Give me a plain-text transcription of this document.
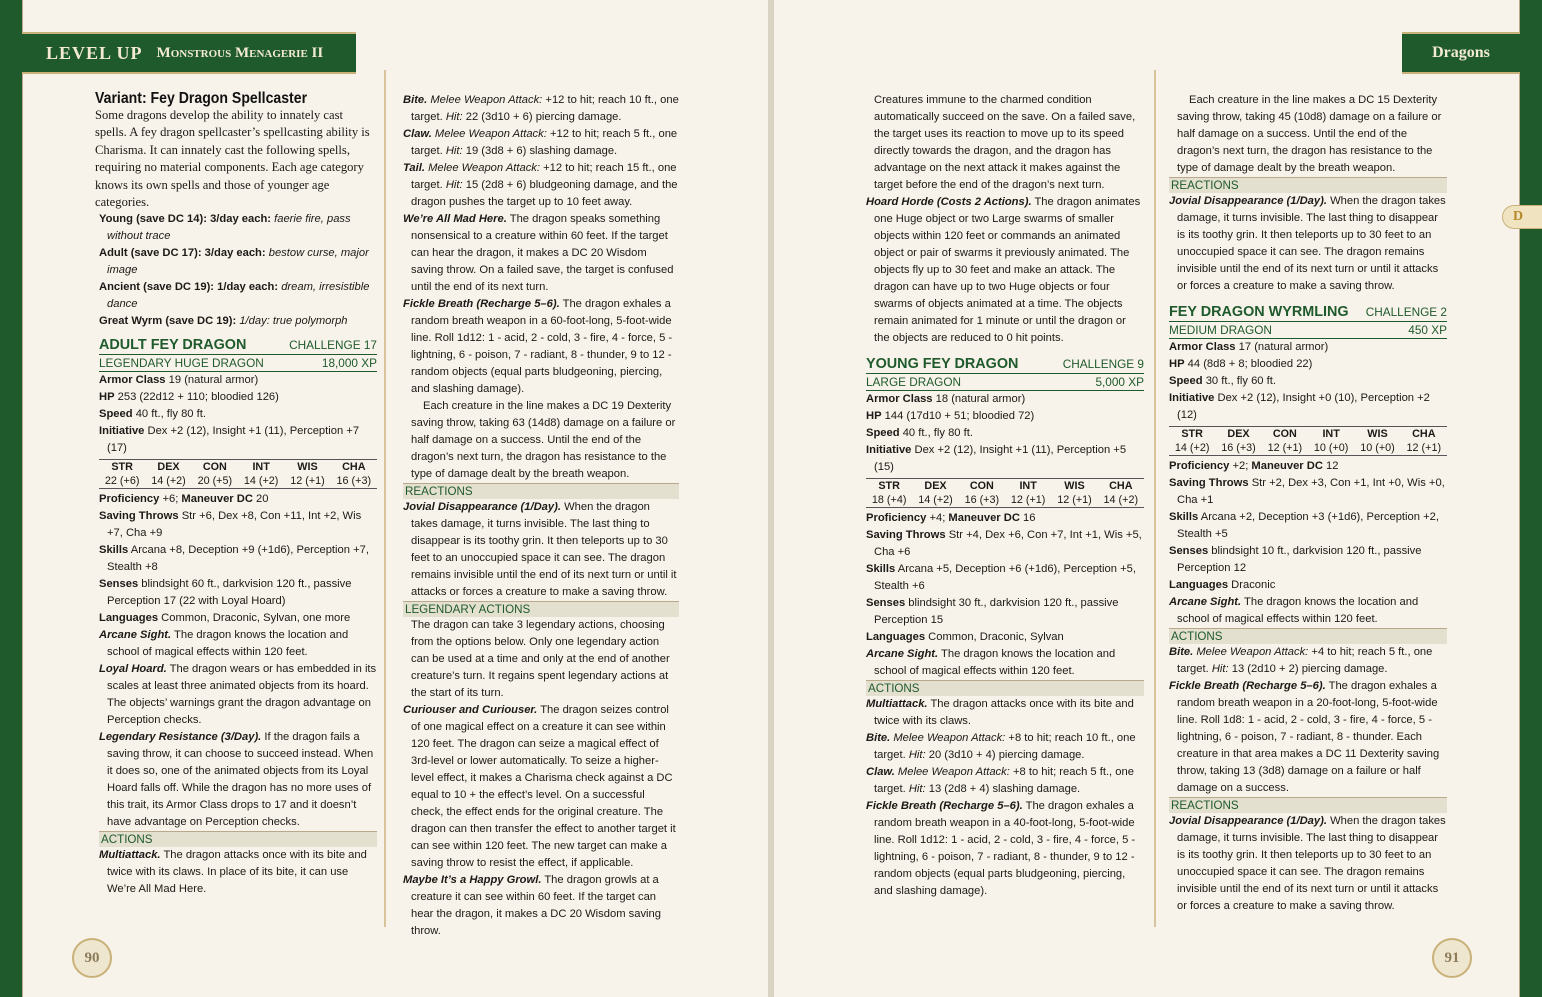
LEVEL UP Monstrous Menagerie II
90

Variant: Fey Dragon Spellcaster

Some dragons develop the ability to innately cast spells. A fey dragon spellcaster’s spellcasting ability is Charisma. It can innately cast the following spells, requiring no material components. Each age category knows its own spells and those of younger age categories.

Young (save DC 14): 3/day each: faerie fire, pass without trace

Adult (save DC 17): 3/day each: bestow curse, major image

Ancient (save DC 19): 1/day each: dream, irresistible dance

Great Wyrm (save DC 19): 1/day: true polymorph

ADULT FEY DRAGON	CHALLENGE 17
LEGENDARY HUGE DRAGON	18,000 XP

Armor Class 19 (natural armor)

HP 253 (22d12 + 110; bloodied 126)

Speed 40 ft., fly 80 ft.

Initiative Dex +2 (12), Insight +1 (11), Perception +7 (17)

STR	DEX	CON	INT	WIS	CHA
22 (+6)	14 (+2)	20 (+5)	14 (+2)	12 (+1)	16 (+3)

Proficiency +6; Maneuver DC 20

Saving Throws Str +6, Dex +8, Con +11, Int +2, Wis +7, Cha +9

Skills Arcana +8, Deception +9 (+1d6), Perception +7, Stealth +8

Senses blindsight 60 ft., darkvision 120 ft., passive Perception 17 (22 with Loyal Hoard)

Languages Common, Draconic, Sylvan, one more

Arcane Sight. The dragon knows the location and school of magical effects within 120 feet.

Loyal Hoard. The dragon wears or has embedded in its scales at least three animated objects from its hoard. The objects’ warnings grant the dragon advantage on Perception checks.

Legendary Resistance (3/Day). If the dragon fails a saving throw, it can choose to succeed instead. When it does so, one of the animated objects from its Loyal Hoard falls off. While the dragon has no more uses of this trait, its Armor Class drops to 17 and it doesn’t have advantage on Perception checks.

ACTIONS

Multiattack. The dragon attacks once with its bite and twice with its claws. In place of its bite, it can use We’re All Mad Here.

Bite. Melee Weapon Attack: +12 to hit; reach 10 ft., one target. Hit: 22 (3d10 + 6) piercing damage.

Claw. Melee Weapon Attack: +12 to hit; reach 5 ft., one target. Hit: 19 (3d8 + 6) slashing damage.

Tail. Melee Weapon Attack: +12 to hit; reach 15 ft., one target. Hit: 15 (2d8 + 6) bludgeoning damage, and the dragon pushes the target up to 10 feet away.

We’re All Mad Here. The dragon speaks something nonsensical to a creature within 60 feet. If the target can hear the dragon, it makes a DC 20 Wisdom saving throw. On a failed save, the target is confused until the end of its next turn.

Fickle Breath (Recharge 5–6). The dragon exhales a random breath weapon in a 60-foot-long, 5-foot-wide line. Roll 1d12: 1 - acid, 2 - cold, 3 - fire, 4 - force, 5 - lightning, 6 - poison, 7 - radiant, 8 - thunder, 9 to 12 - random objects (equal parts bludgeoning, piercing, and slashing damage).

Each creature in the line makes a DC 19 Dexterity saving throw, taking 63 (14d8) damage on a failure or half damage on a success. Until the end of the dragon’s next turn, the dragon has resistance to the type of damage dealt by the breath weapon.

REACTIONS

Jovial Disappearance (1/Day). When the dragon takes damage, it turns invisible. The last thing to disappear is its toothy grin. It then teleports up to 30 feet to an unoccupied space it can see. The dragon remains invisible until the end of its next turn or until it attacks or forces a creature to make a saving throw.

LEGENDARY ACTIONS

The dragon can take 3 legendary actions, choosing from the options below. Only one legendary action can be used at a time and only at the end of another creature’s turn. It regains spent legendary actions at the start of its turn.

Curiouser and Curiouser. The dragon seizes control of one magical effect on a creature it can see within 120 feet. The dragon can seize a magical effect of 3rd-level or lower automatically. To seize a higher-level effect, it makes a Charisma check against a DC equal to 10 + the effect’s level. On a successful check, the effect ends for the original creature. The dragon can then transfer the effect to another target it can see within 120 feet. The new target can make a saving throw to resist the effect, if applicable.

Maybe It’s a Happy Growl. The dragon growls at a creature it can see within 60 feet. If the target can hear the dragon, it makes a DC 20 Wisdom saving throw.

Dragons
D
91

Creatures immune to the charmed condition automatically succeed on the save. On a failed save, the target uses its reaction to move up to its speed directly towards the dragon, and the dragon has advantage on the next attack it makes against the target before the end of the dragon’s next turn.

Hoard Horde (Costs 2 Actions). The dragon animates one Huge object or two Large swarms of smaller objects within 120 feet or commands an animated object or pair of swarms it previously animated. The objects fly up to 30 feet and make an attack. The dragon can have up to two Huge objects or four swarms of objects animated at a time. The objects remain animated for 1 minute or until the dragon or the objects are reduced to 0 hit points.

YOUNG FEY DRAGON	CHALLENGE 9
LARGE DRAGON	5,000 XP

Armor Class 18 (natural armor)

HP 144 (17d10 + 51; bloodied 72)

Speed 40 ft., fly 80 ft.

Initiative Dex +2 (12), Insight +1 (11), Perception +5 (15)

STR	DEX	CON	INT	WIS	CHA
18 (+4)	14 (+2)	16 (+3)	12 (+1)	12 (+1)	14 (+2)

Proficiency +4; Maneuver DC 16

Saving Throws Str +4, Dex +6, Con +7, Int +1, Wis +5, Cha +6

Skills Arcana +5, Deception +6 (+1d6), Perception +5, Stealth +6

Senses blindsight 30 ft., darkvision 120 ft., passive Perception 15

Languages Common, Draconic, Sylvan

Arcane Sight. The dragon knows the location and school of magical effects within 120 feet.

ACTIONS

Multiattack. The dragon attacks once with its bite and twice with its claws.

Bite. Melee Weapon Attack: +8 to hit; reach 10 ft., one target. Hit: 20 (3d10 + 4) piercing damage.

Claw. Melee Weapon Attack: +8 to hit; reach 5 ft., one target. Hit: 13 (2d8 + 4) slashing damage.

Fickle Breath (Recharge 5–6). The dragon exhales a random breath weapon in a 40-foot-long, 5-foot-wide line. Roll 1d12: 1 - acid, 2 - cold, 3 - fire, 4 - force, 5 - lightning, 6 - poison, 7 - radiant, 8 - thunder, 9 to 12 - random objects (equal parts bludgeoning, piercing, and slashing damage).

Each creature in the line makes a DC 15 Dexterity saving throw, taking 45 (10d8) damage on a failure or half damage on a success. Until the end of the dragon’s next turn, the dragon has resistance to the type of damage dealt by the breath weapon.

REACTIONS

Jovial Disappearance (1/Day). When the dragon takes damage, it turns invisible. The last thing to disappear is its toothy grin. It then teleports up to 30 feet to an unoccupied space it can see. The dragon remains invisible until the end of its next turn or until it attacks or forces a creature to make a saving throw.

FEY DRAGON WYRMLING CHALLENGE 2
MEDIUM DRAGON	450 XP

Armor Class 17 (natural armor)

HP 44 (8d8 + 8; bloodied 22)

Speed 30 ft., fly 60 ft.

Initiative Dex +2 (12), Insight +0 (10), Perception +2 (12)

STR	DEX	CON	INT	WIS	CHA
14 (+2)	16 (+3)	12 (+1)	10 (+0)	10 (+0)	12 (+1)

Proficiency +2; Maneuver DC 12

Saving Throws Str +2, Dex +3, Con +1, Int +0, Wis +0, Cha +1

Skills Arcana +2, Deception +3 (+1d6), Perception +2, Stealth +5

Senses blindsight 10 ft., darkvision 120 ft., passive Perception 12

Languages Draconic

Arcane Sight. The dragon knows the location and school of magical effects within 120 feet.

ACTIONS

Bite. Melee Weapon Attack: +4 to hit; reach 5 ft., one target. Hit: 13 (2d10 + 2) piercing damage.

Fickle Breath (Recharge 5–6). The dragon exhales a random breath weapon in a 20-foot-long, 5-foot-wide line. Roll 1d8: 1 - acid, 2 - cold, 3 - fire, 4 - force, 5 - lightning, 6 - poison, 7 - radiant, 8 - thunder. Each creature in that area makes a DC 11 Dexterity saving throw, taking 13 (3d8) damage on a failure or half damage on a success.

REACTIONS

Jovial Disappearance (1/Day). When the dragon takes damage, it turns invisible. The last thing to disappear is its toothy grin. It then teleports up to 30 feet to an unoccupied space it can see. The dragon remains invisible until the end of its next turn or until it attacks or forces a creature to make a saving throw.
